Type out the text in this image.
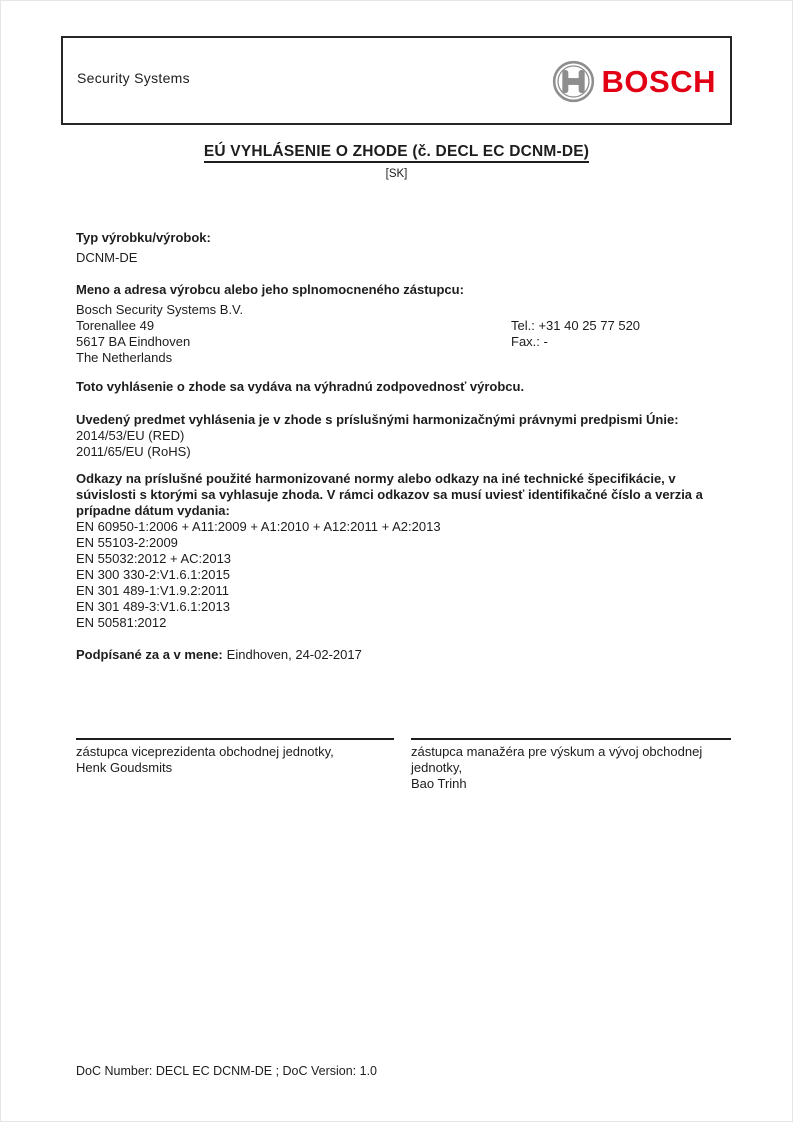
Security Systems	BOSCH
EÚ VYHLÁSENIE O ZHODE (č. DECL EC DCNM-DE)
[SK]
Typ výrobku/výrobok:
DCNM-DE
Meno a adresa výrobcu alebo jeho splnomocneného zástupcu:
Bosch Security Systems B.V.
Torenallee 49
5617 BA Eindhoven
The Netherlands
Tel.: +31 40 25 77 520
Fax.: -
Toto vyhlásenie o zhode sa vydáva na výhradnú zodpovednosť výrobcu.
Uvedený predmet vyhlásenia je v zhode s príslušnými harmonizačnými právnymi predpismi Únie:
2014/53/EU (RED)
2011/65/EU (RoHS)
Odkazy na príslušné použité harmonizované normy alebo odkazy na iné technické špecifikácie, v súvislosti s ktorými sa vyhlasuje zhoda. V rámci odkazov sa musí uviesť identifikačné číslo a verzia a prípadne dátum vydania:
EN 60950-1:2006 + A11:2009 + A1:2010 + A12:2011 + A2:2013
EN 55103-2:2009
EN 55032:2012 + AC:2013
EN 300 330-2:V1.6.1:2015
EN 301 489-1:V1.9.2:2011
EN 301 489-3:V1.6.1:2013
EN 50581:2012
Podpísané za a v mene: Eindhoven, 24-02-2017
zástupca viceprezidenta obchodnej jednotky,
Henk Goudsmits
zástupca manažéra pre výskum a vývoj obchodnej jednotky,
Bao Trinh
DoC Number: DECL EC DCNM-DE ; DoC Version: 1.0
